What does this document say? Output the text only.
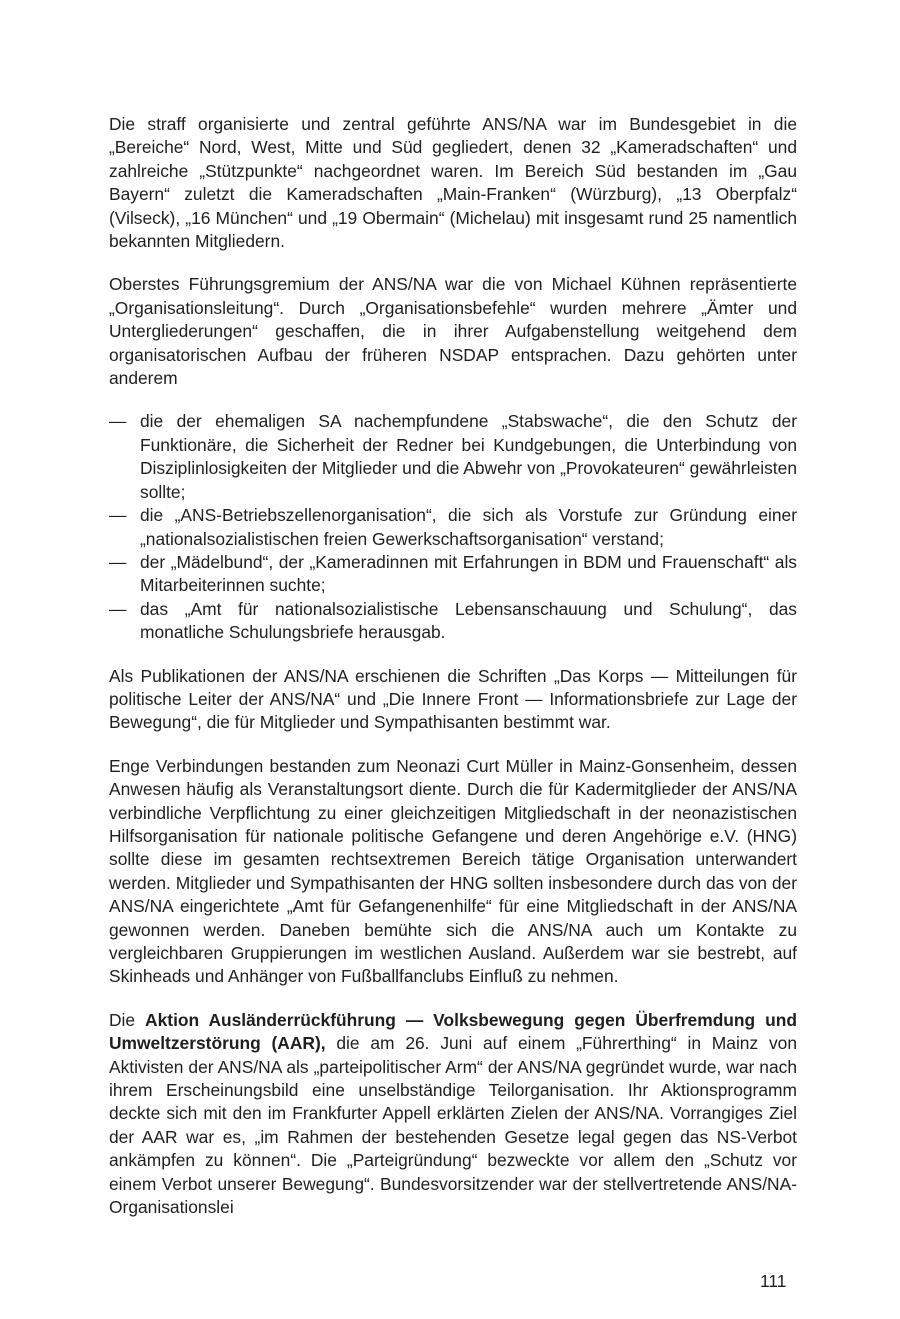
Die straff organisierte und zentral geführte ANS/NA war im Bundesgebiet in die „Bereiche“ Nord, West, Mitte und Süd gegliedert, denen 32 „Kameradschaften“ und zahlreiche „Stützpunkte“ nachgeordnet waren. Im Bereich Süd bestanden im „Gau Bayern“ zuletzt die Kameradschaften „Main-Franken“ (Würzburg), „13 Oberpfalz“ (Vilseck), „16 München“ und „19 Obermain“ (Michelau) mit insgesamt rund 25 namentlich bekannten Mitgliedern.

Oberstes Führungsgremium der ANS/NA war die von Michael Kühnen repräsentierte „Organisationsleitung“. Durch „Organisationsbefehle“ wurden mehrere „Ämter und Untergliederungen“ geschaffen, die in ihrer Aufgabenstellung weitgehend dem organisatorischen Aufbau der früheren NSDAP entsprachen. Dazu gehörten unter anderem

— die der ehemaligen SA nachempfundene „Stabswache“, die den Schutz der Funktionäre, die Sicherheit der Redner bei Kundgebungen, die Unterbindung von Disziplinlosigkeiten der Mitglieder und die Abwehr von „Provokateuren“ gewährleisten sollte;
— die „ANS-Betriebszellenorganisation“, die sich als Vorstufe zur Gründung einer „nationalsozialistischen freien Gewerkschaftsorganisation“ verstand;
— der „Mädelbund“, der „Kameradinnen mit Erfahrungen in BDM und Frauenschaft“ als Mitarbeiterinnen suchte;
— das „Amt für nationalsozialistische Lebensanschauung und Schulung“, das monatliche Schulungsbriefe herausgab.

Als Publikationen der ANS/NA erschienen die Schriften „Das Korps — Mitteilungen für politische Leiter der ANS/NA“ und „Die Innere Front — Informationsbriefe zur Lage der Bewegung“, die für Mitglieder und Sympathisanten bestimmt war.

Enge Verbindungen bestanden zum Neonazi Curt Müller in Mainz-Gonsenheim, dessen Anwesen häufig als Veranstaltungsort diente. Durch die für Kadermitglieder der ANS/NA verbindliche Verpflichtung zu einer gleichzeitigen Mitgliedschaft in der neonazistischen Hilfsorganisation für nationale politische Gefangene und deren Angehörige e.V. (HNG) sollte diese im gesamten rechtsextremen Bereich tätige Organisation unterwandert werden. Mitglieder und Sympathisanten der HNG sollten insbesondere durch das von der ANS/NA eingerichtete „Amt für Gefangenenhilfe“ für eine Mitgliedschaft in der ANS/NA gewonnen werden. Daneben bemühte sich die ANS/NA auch um Kontakte zu vergleichbaren Gruppierungen im westlichen Ausland. Außerdem war sie bestrebt, auf Skinheads und Anhänger von Fußballfanclubs Einfluß zu nehmen.

Die Aktion Ausländerrückführung — Volksbewegung gegen Überfremdung und Umweltzerstörung (AAR), die am 26. Juni auf einem „Führerthing“ in Mainz von Aktivisten der ANS/NA als „parteipolitischer Arm“ der ANS/NA gegründet wurde, war nach ihrem Erscheinungsbild eine unselbständige Teilorganisation. Ihr Aktionsprogramm deckte sich mit den im Frankfurter Appell erklärten Zielen der ANS/NA. Vorrangiges Ziel der AAR war es, „im Rahmen der bestehenden Gesetze legal gegen das NS-Verbot ankämpfen zu können“. Die „Parteigründung“ bezweckte vor allem den „Schutz vor einem Verbot unserer Bewegung“. Bundesvorsitzender war der stellvertretende ANS/NA-Organisationslei

111
